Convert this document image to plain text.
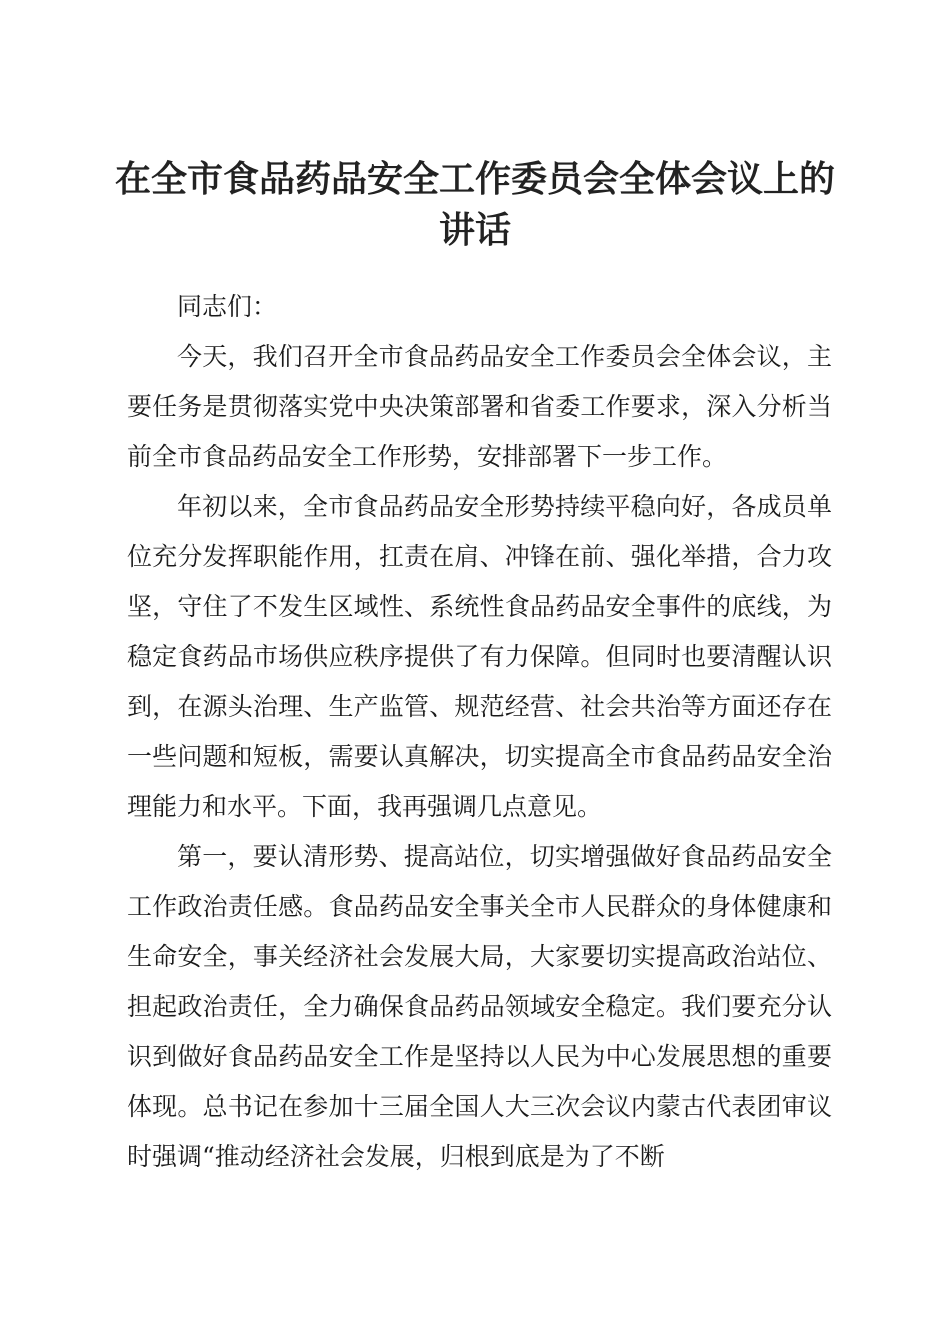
在全市食品药品安全工作委员会全体会议上的讲话

同志们：

今天，我们召开全市食品药品安全工作委员会全体会议，主要任务是贯彻落实党中央决策部署和省委工作要求，深入分析当前全市食品药品安全工作形势，安排部署下一步工作。

年初以来，全市食品药品安全形势持续平稳向好，各成员单位充分发挥职能作用，扛责在肩、冲锋在前、强化举措，合力攻坚，守住了不发生区域性、系统性食品药品安全事件的底线，为稳定食药品市场供应秩序提供了有力保障。但同时也要清醒认识到，在源头治理、生产监管、规范经营、社会共治等方面还存在一些问题和短板，需要认真解决，切实提高全市食品药品安全治理能力和水平。下面，我再强调几点意见。

第一，要认清形势、提高站位，切实增强做好食品药品安全工作政治责任感。食品药品安全事关全市人民群众的身体健康和生命安全，事关经济社会发展大局，大家要切实提高政治站位、担起政治责任，全力确保食品药品领域安全稳定。我们要充分认识到做好食品药品安全工作是坚持以人民为中心发展思想的重要体现。总书记在参加十三届全国人大三次会议内蒙古代表团审议时强调“推动经济社会发展，归根到底是为了不断
